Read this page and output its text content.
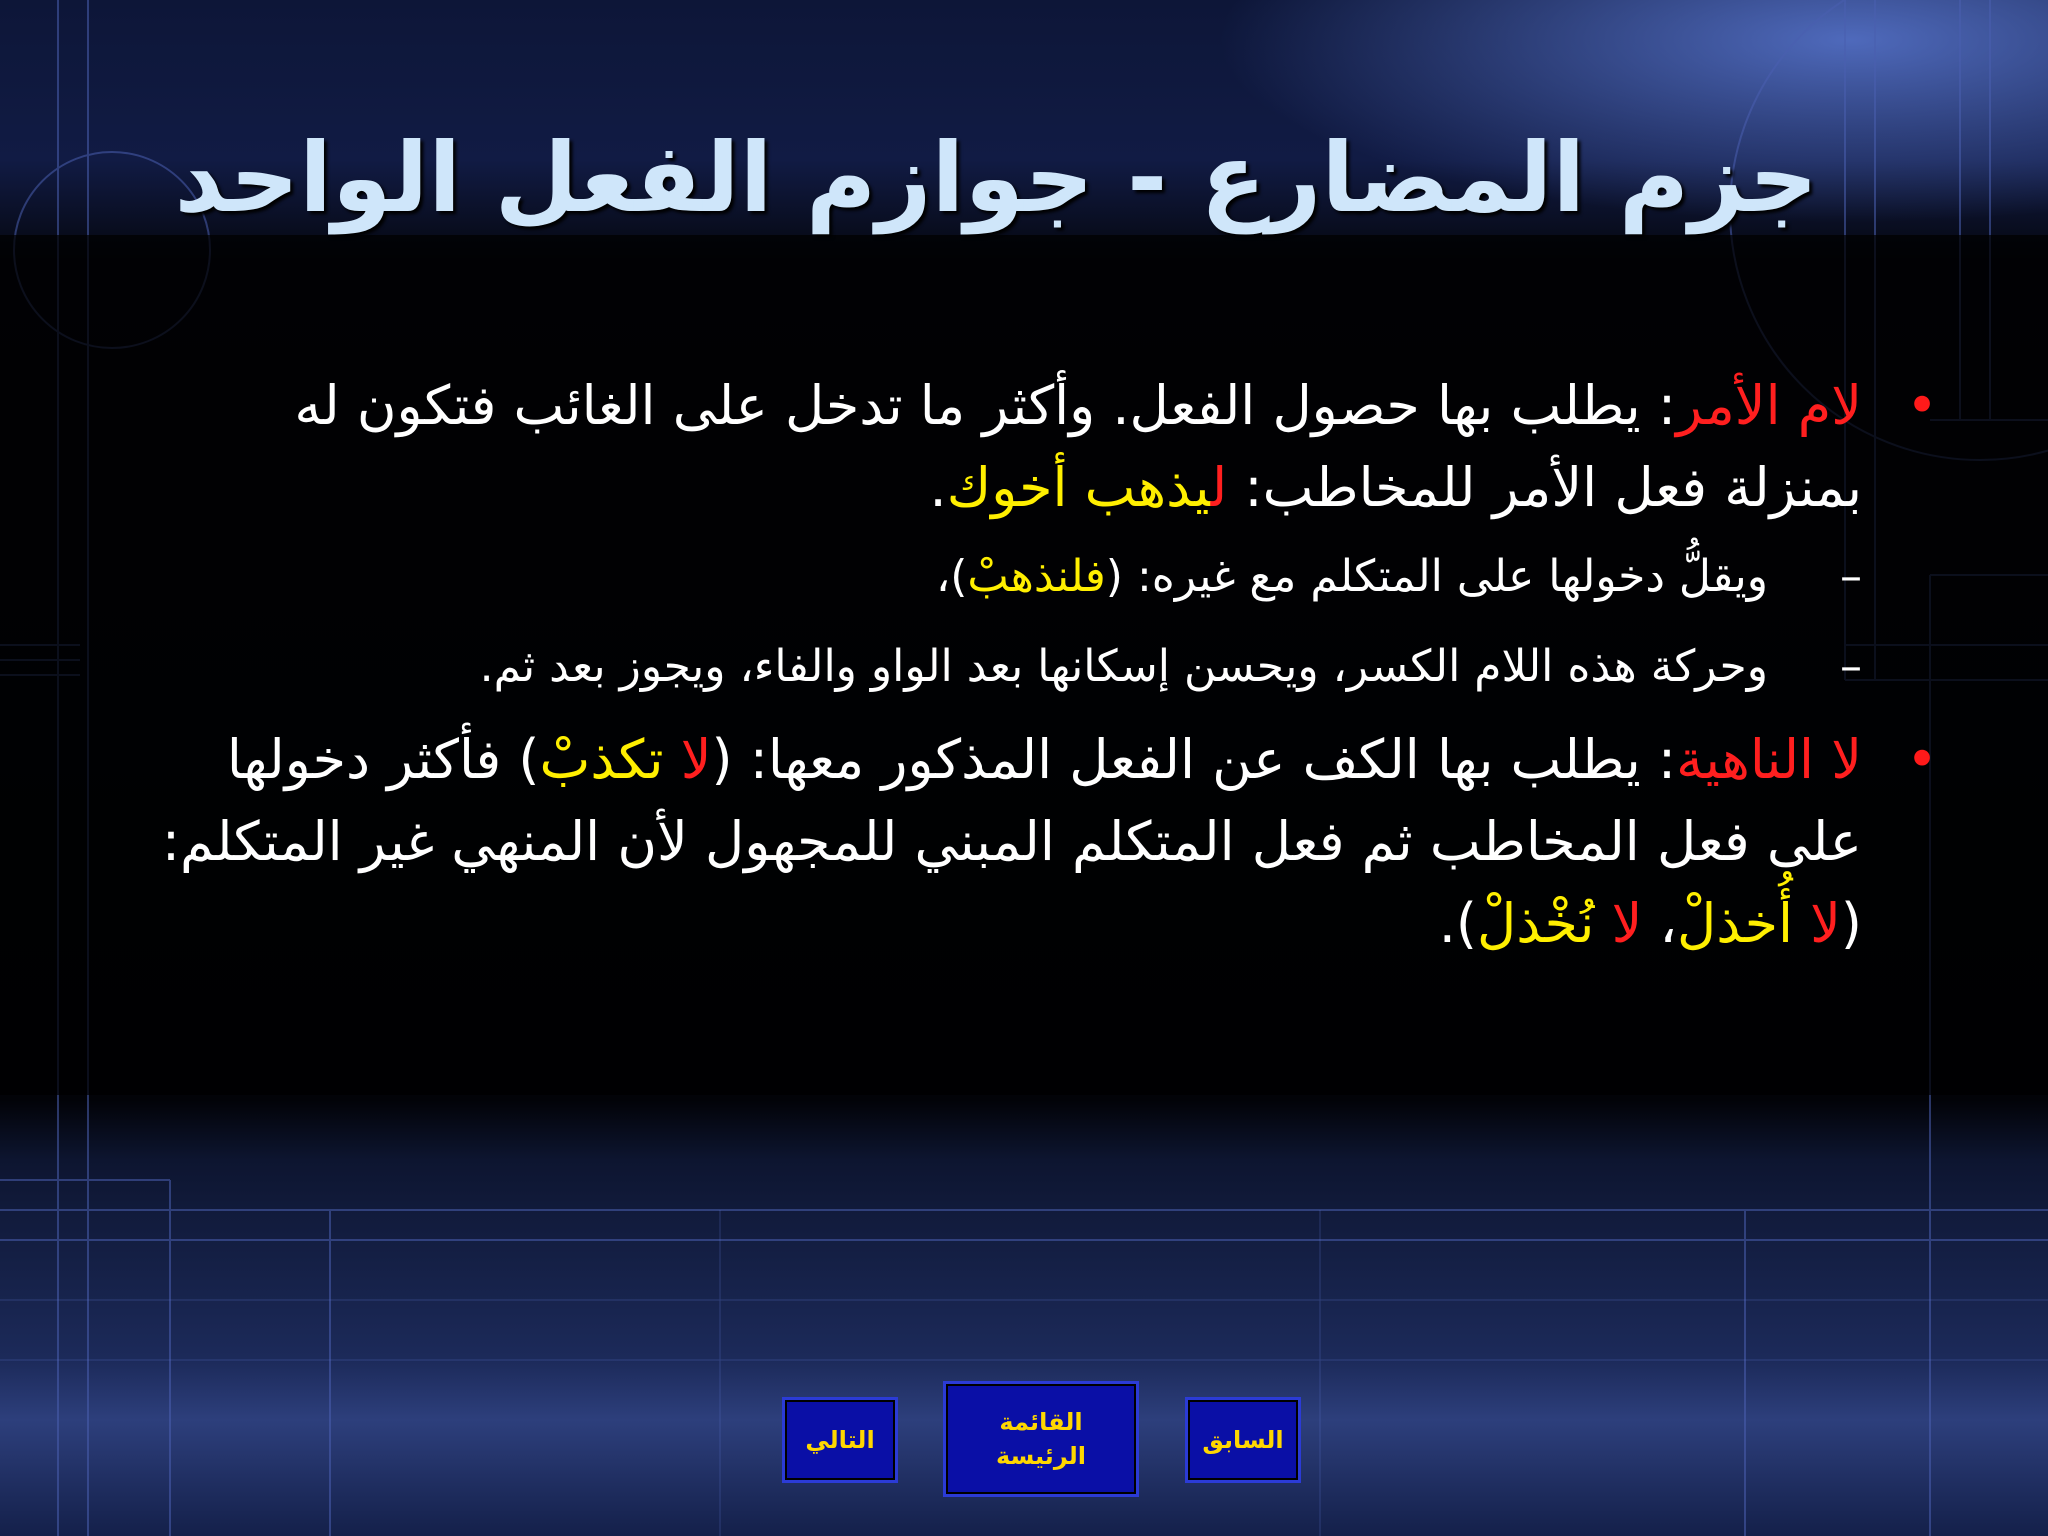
جزم المضارع - جوازم الفعل الواحد
•
لام الأمر: يطلب بها حصول الفعل. وأكثر ما تدخل على الغائب فتكون له بمنزلة فعل الأمر للمخاطب: ليذهب أخوك.
–
ويقلُّ دخولها على المتكلم مع غيره: (فلنذهبْ)،
–
وحركة هذه اللام الكسر، ويحسن إسكانها بعد الواو والفاء، ويجوز بعد ثم.
•
لا الناهية: يطلب بها الكف عن الفعل المذكور معها: (لا تكذبْ) فأكثر دخولها على فعل المخاطب ثم فعل المتكلم المبني للمجهول لأن المنهي غير المتكلم: (لا أُخذلْ، لا نُخْذلْ).
التالي
القائمة
الرئيسة
السابق
